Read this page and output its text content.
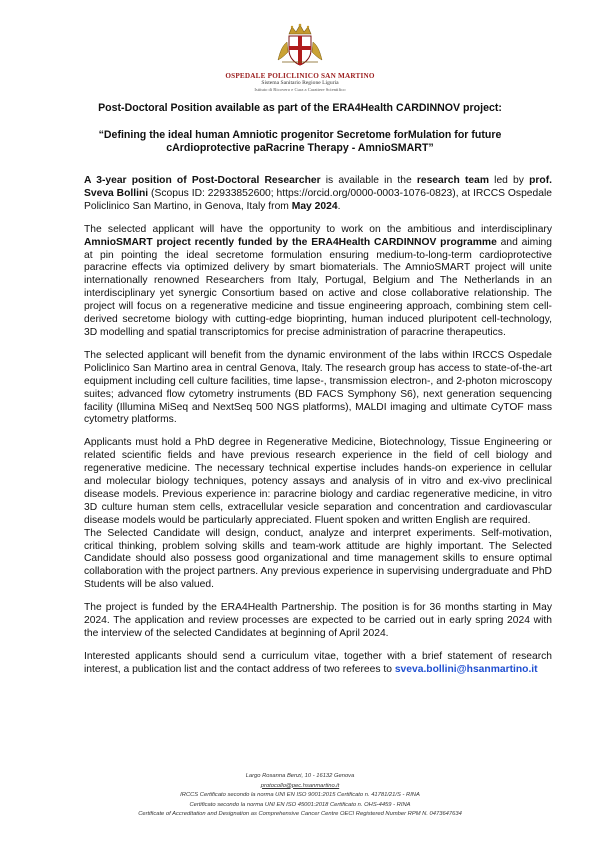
OSPEDALE POLICLINICO SAN MARTINO
Sistema Sanitario Regione Liguria
Istituto di Ricovero e Cura a Carattere Scientifico
Post-Doctoral Position available as part of the ERA4Health CARDINNOV project:
“Defining the ideal human Amniotic progenitor Secretome forMulation for future
cArdioprotective paRacrine Therapy - AmnioSMART”

A 3-year position of Post-Doctoral Researcher is available in the research team led by prof. Sveva Bollini (Scopus ID: 22933852600; https://orcid.org/0000-0003-1076-0823), at IRCCS Ospedale Policlinico San Martino, in Genova, Italy from May 2024.

The selected applicant will have the opportunity to work on the ambitious and interdisciplinary AmnioSMART project recently funded by the ERA4Health CARDINNOV programme and aiming at pin pointing the ideal secretome formulation ensuring medium-to-long-term cardioprotective paracrine effects via optimized delivery by smart biomaterials. The AmnioSMART project will unite internationally renowned Researchers from Italy, Portugal, Belgium and The Netherlands in an interdisciplinary yet synergic Consortium based on active and close collaborative relationship. The project will focus on a regenerative medicine and tissue engineering approach, combining stem cell-derived secretome biology with cutting-edge bioprinting, human induced pluripotent cell-technology, 3D modelling and spatial transcriptomics for precise administration of paracrine therapeutics.

The selected applicant will benefit from the dynamic environment of the labs within IRCCS Ospedale Policlinico San Martino area in central Genova, Italy. The research group has access to state-of-the-art equipment including cell culture facilities, time lapse-, transmission electron-, and 2-photon microscopy suites; advanced flow cytometry instruments (BD FACS Symphony S6), next generation sequencing facility (Illumina MiSeq and NextSeq 500 NGS platforms), MALDI imaging and ultimate CyTOF mass cytometry platforms.

Applicants must hold a PhD degree in Regenerative Medicine, Biotechnology, Tissue Engineering or related scientific fields and have previous research experience in the field of cell biology and regenerative medicine. The necessary technical expertise includes hands-on experience in cellular and molecular biology techniques, potency assays and analysis of in vitro and ex-vivo preclinical disease models. Previous experience in: paracrine biology and cardiac regenerative medicine, in vitro 3D culture human stem cells, extracellular vesicle separation and concentration and cardiovascular disease models would be particularly appreciated. Fluent spoken and written English are required.

The Selected Candidate will design, conduct, analyze and interpret experiments. Self-motivation, critical thinking, problem solving skills and team-work attitude are highly important. The Selected Candidate should also possess good organizational and time management skills to ensure optimal collaboration with the project partners. Any previous experience in supervising undergraduate and PhD Students will be also valued.

The project is funded by the ERA4Health Partnership. The position is for 36 months starting in May 2024. The application and review processes are expected to be carried out in early spring 2024 with the interview of the selected Candidates at beginning of April 2024.

Interested applicants should send a curriculum vitae, together with a brief statement of research interest, a publication list and the contact address of two referees to sveva.bollini@hsanmartino.it

Largo Rosanna Benzi, 10 - 16132 Genova
protocollo@pec.hsanmartino.it
IRCCS Certificato secondo la norma UNI EN ISO 9001:2015 Certificato n. 41781/21/S - RINA
Certificato secondo la norma UNI EN ISO 45001:2018 Certificato n. OHS-4459 - RINA
Certificate of Accreditation and Designation as Comprehensive Cancer Centre OECI Registered Number RPM N. 0473647634
